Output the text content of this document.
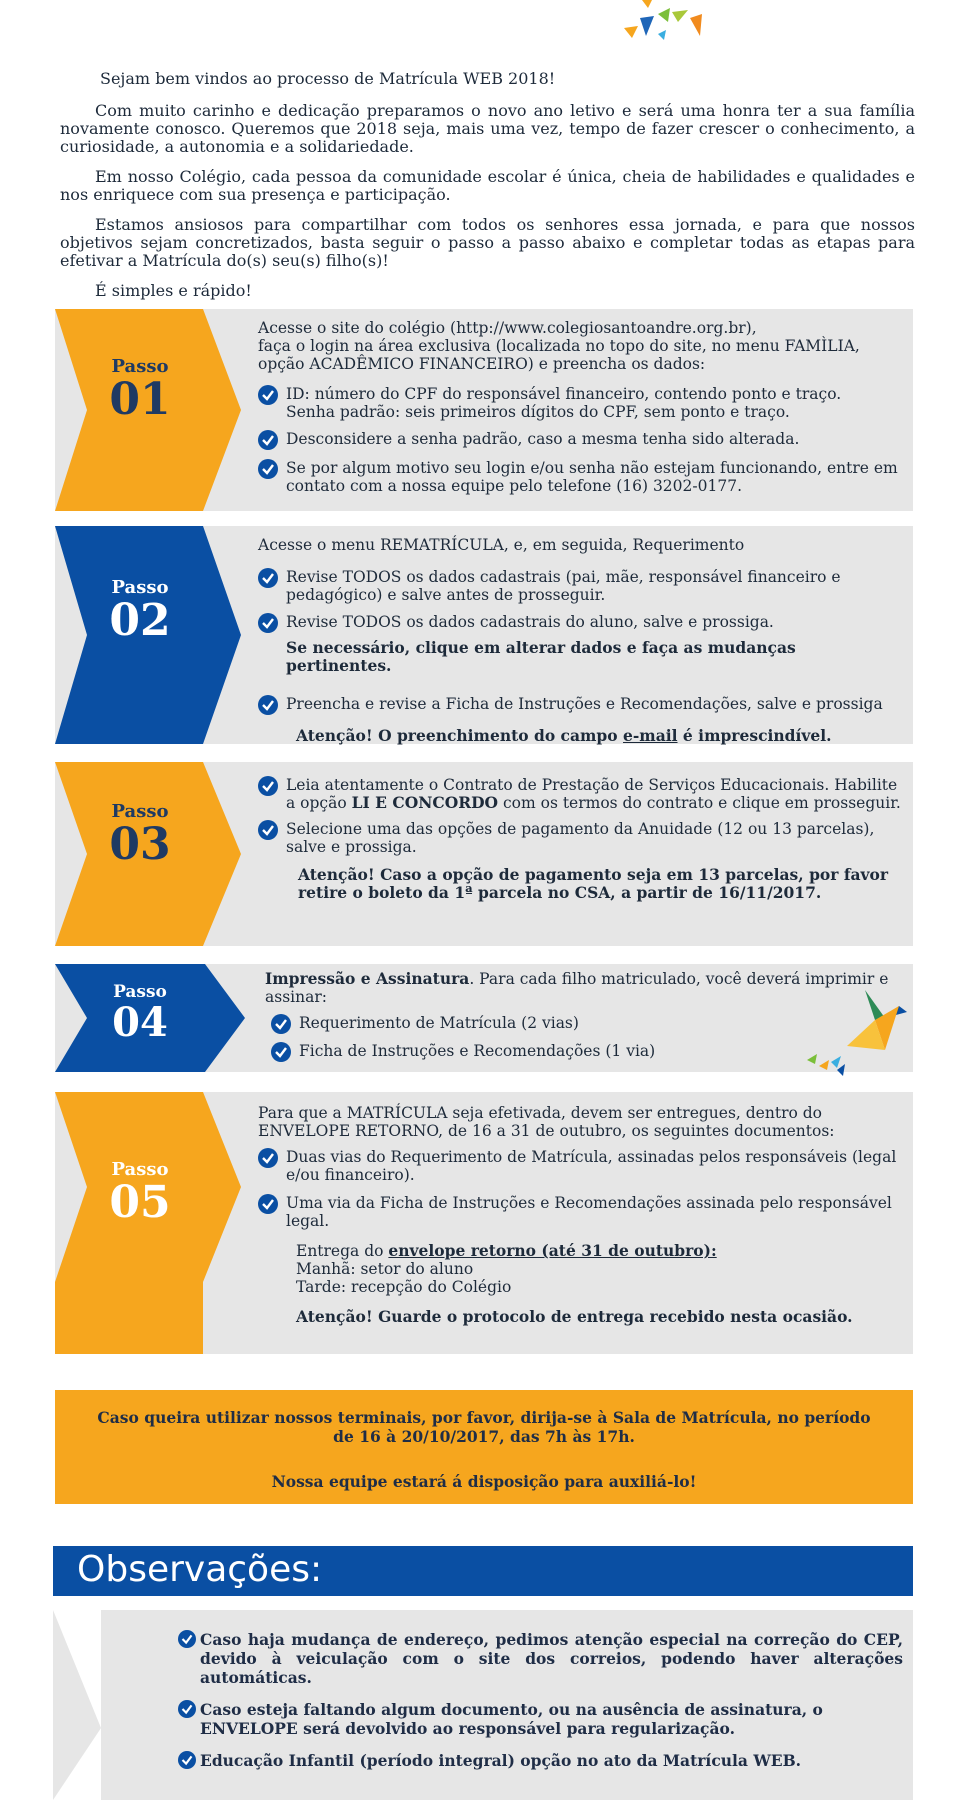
Sejam bem vindos ao processo de Matrícula WEB 2018!

Com muito carinho e dedicação preparamos o novo ano letivo e será uma honra ter a sua família novamente conosco. Queremos que 2018 seja, mais uma vez, tempo de fazer crescer o conhecimento, a curiosidade, a autonomia e a solidariedade.

Em nosso Colégio, cada pessoa da comunidade escolar é única, cheia de habilidades e qualidades e nos enriquece com sua presença e participação.

Estamos ansiosos para compartilhar com todos os senhores essa jornada, e para que nossos objetivos sejam concretizados, basta seguir o passo a passo abaixo e completar todas as etapas para efetivar a Matrícula do(s) seu(s) filho(s)!

É simples e rápido!

Passo
01

Acesse o site do colégio (http://www.colegiosantoandre.org.br),

faça o login na área exclusiva (localizada no topo do site, no menu FAMÌLIA, opção ACADÊMICO FINANCEIRO) e preencha os dados:

ID: número do CPF do responsável financeiro, contendo ponto e traço.
Senha padrão: seis primeiros dígitos do CPF, sem ponto e traço.
Desconsidere a senha padrão, caso a mesma tenha sido alterada.
Se por algum motivo seu login e/ou senha não estejam funcionando, entre em contato com a nossa equipe pelo telefone (16) 3202-0177.
Passo
02

Acesse o menu REMATRÍCULA, e, em seguida, Requerimento

Revise TODOS os dados cadastrais (pai, mãe, responsável financeiro e pedagógico) e salve antes de prosseguir.
Revise TODOS os dados cadastrais do aluno, salve e prossiga.

Se necessário, clique em alterar dados e faça as mudanças pertinentes.

Preencha e revise a Ficha de Instruções e Recomendações, salve e prossiga

Atenção! O preenchimento do campo e-mail é imprescindível.

Passo
03
Leia atentamente o Contrato de Prestação de Serviços Educacionais. Habilite a opção LI E CONCORDO com os termos do contrato e clique em prosseguir.
Selecione uma das opções de pagamento da Anuidade (12 ou 13 parcelas), salve e prossiga.

Atenção! Caso a opção de pagamento seja em 13 parcelas, por favor retire o boleto da 1ª parcela no CSA, a partir de 16/11/2017.

Passo
04

Impressão e Assinatura. Para cada filho matriculado, você deverá imprimir e assinar:

Requerimento de Matrícula (2 vias)
Ficha de Instruções e Recomendações (1 via)
Passo
05

Para que a MATRÍCULA seja efetivada, devem ser entregues, dentro do ENVELOPE RETORNO, de 16 a 31 de outubro, os seguintes documentos:

Duas vias do Requerimento de Matrícula, assinadas pelos responsáveis (legal e/ou financeiro).
Uma via da Ficha de Instruções e Recomendações assinada pelo responsável legal.
Entrega do envelope retorno (até 31 de outubro):
Manhã: setor do aluno
Tarde: recepção do Colégio

Atenção! Guarde o protocolo de entrega recebido nesta ocasião.

Caso queira utilizar nossos terminais, por favor, dirija-se à Sala de Matrícula, no período

de 16 à 20/10/2017, das 7h às 17h.

Nossa equipe estará á disposição para auxiliá-lo!

Observações:
Caso haja mudança de endereço, pedimos atenção especial na correção do CEP, devido à veiculação com o site dos correios, podendo haver alterações automáticas.
Caso esteja faltando algum documento, ou na ausência de assinatura, o ENVELOPE será devolvido ao responsável para regularização.
Educação Infantil (período integral) opção no ato da Matrícula WEB.
